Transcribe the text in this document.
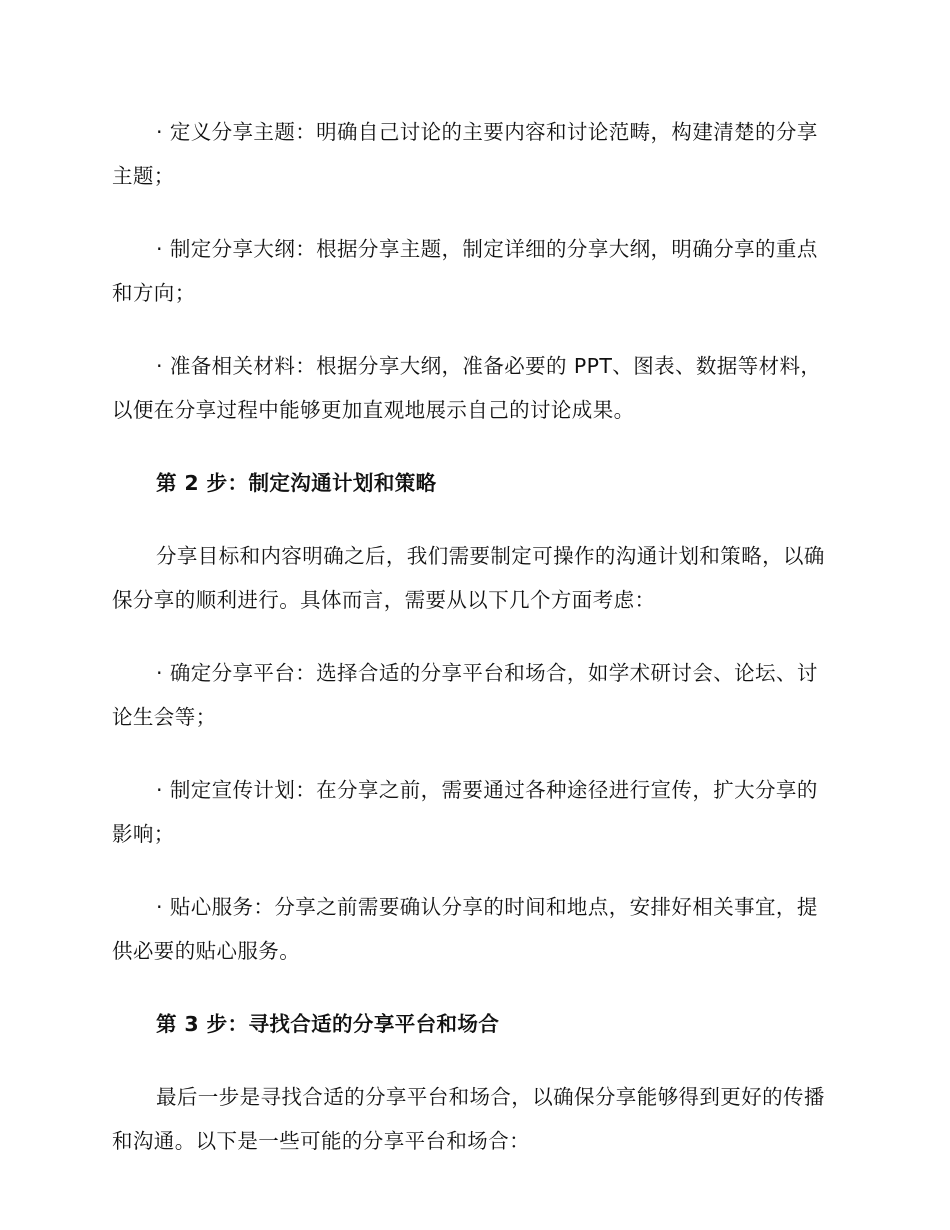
· 定义分享主题：明确自己讨论的主要内容和讨论范畴，构建清楚的分享主题；

· 制定分享大纲：根据分享主题，制定详细的分享大纲，明确分享的重点和方向；

· 准备相关材料：根据分享大纲，准备必要的 PPT、图表、数据等材料，以便在分享过程中能够更加直观地展示自己的讨论成果。

第 2 步：制定沟通计划和策略

分享目标和内容明确之后，我们需要制定可操作的沟通计划和策略，以确保分享的顺利进行。具体而言，需要从以下几个方面考虑：

· 确定分享平台：选择合适的分享平台和场合，如学术研讨会、论坛、讨论生会等；

· 制定宣传计划：在分享之前，需要通过各种途径进行宣传，扩大分享的影响；

· 贴心服务：分享之前需要确认分享的时间和地点，安排好相关事宜，提供必要的贴心服务。

第 3 步：寻找合适的分享平台和场合

最后一步是寻找合适的分享平台和场合，以确保分享能够得到更好的传播和沟通。以下是一些可能的分享平台和场合：
